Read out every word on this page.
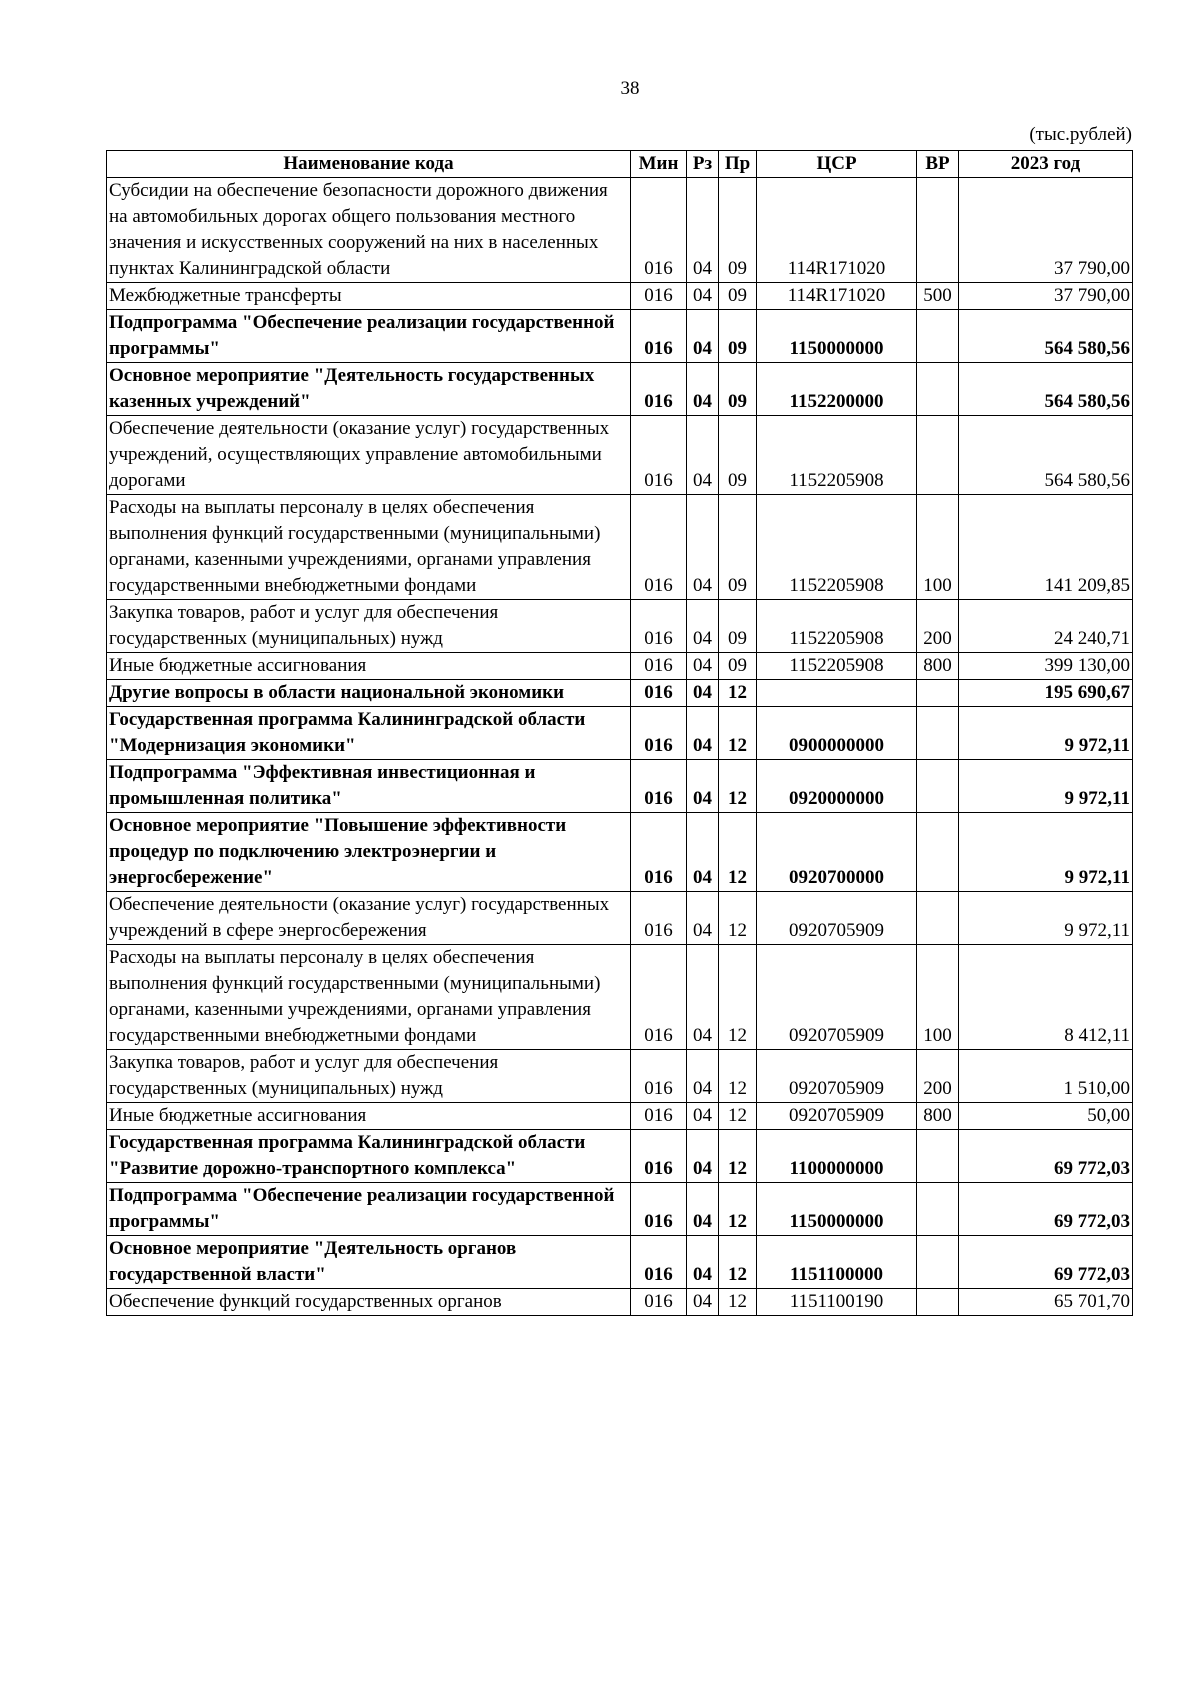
38
(тыс.рублей)
Наименование кода	Мин	Рз	Пр	ЦСР	ВР	2023 год
Субсидии на обеспечение безопасности дорожного движения на автомобильных дорогах общего пользования местного значения и искусственных сооружений на них в населенных пунктах Калининградской области	016	04	09	114R171020		37 790,00
Межбюджетные трансферты	016	04	09	114R171020	500	37 790,00
Подпрограмма "Обеспечение реализации государственной программы"	016	04	09	1150000000		564 580,56
Основное мероприятие "Деятельность государственных казенных учреждений"	016	04	09	1152200000		564 580,56
Обеспечение деятельности (оказание услуг) государственных учреждений, осуществляющих управление автомобильными дорогами	016	04	09	1152205908		564 580,56
Расходы на выплаты персоналу в целях обеспечения выполнения функций государственными (муниципальными) органами, казенными учреждениями, органами управления государственными внебюджетными фондами	016	04	09	1152205908	100	141 209,85
Закупка товаров, работ и услуг для обеспечения государственных (муниципальных) нужд	016	04	09	1152205908	200	24 240,71
Иные бюджетные ассигнования	016	04	09	1152205908	800	399 130,00
Другие вопросы в области национальной экономики	016	04	12			195 690,67
Государственная программа Калининградской области "Модернизация экономики"	016	04	12	0900000000		9 972,11
Подпрограмма "Эффективная инвестиционная и промышленная политика"	016	04	12	0920000000		9 972,11
Основное мероприятие "Повышение эффективности процедур по подключению электроэнергии и энергосбережение"	016	04	12	0920700000		9 972,11
Обеспечение деятельности (оказание услуг) государственных учреждений в сфере энергосбережения	016	04	12	0920705909		9 972,11
Расходы на выплаты персоналу в целях обеспечения выполнения функций государственными (муниципальными) органами, казенными учреждениями, органами управления государственными внебюджетными фондами	016	04	12	0920705909	100	8 412,11
Закупка товаров, работ и услуг для обеспечения государственных (муниципальных) нужд	016	04	12	0920705909	200	1 510,00
Иные бюджетные ассигнования	016	04	12	0920705909	800	50,00
Государственная программа Калининградской области "Развитие дорожно-транспортного комплекса"	016	04	12	1100000000		69 772,03
Подпрограмма "Обеспечение реализации государственной программы"	016	04	12	1150000000		69 772,03
Основное мероприятие "Деятельность органов государственной власти"	016	04	12	1151100000		69 772,03
Обеспечение функций государственных органов	016	04	12	1151100190		65 701,70
